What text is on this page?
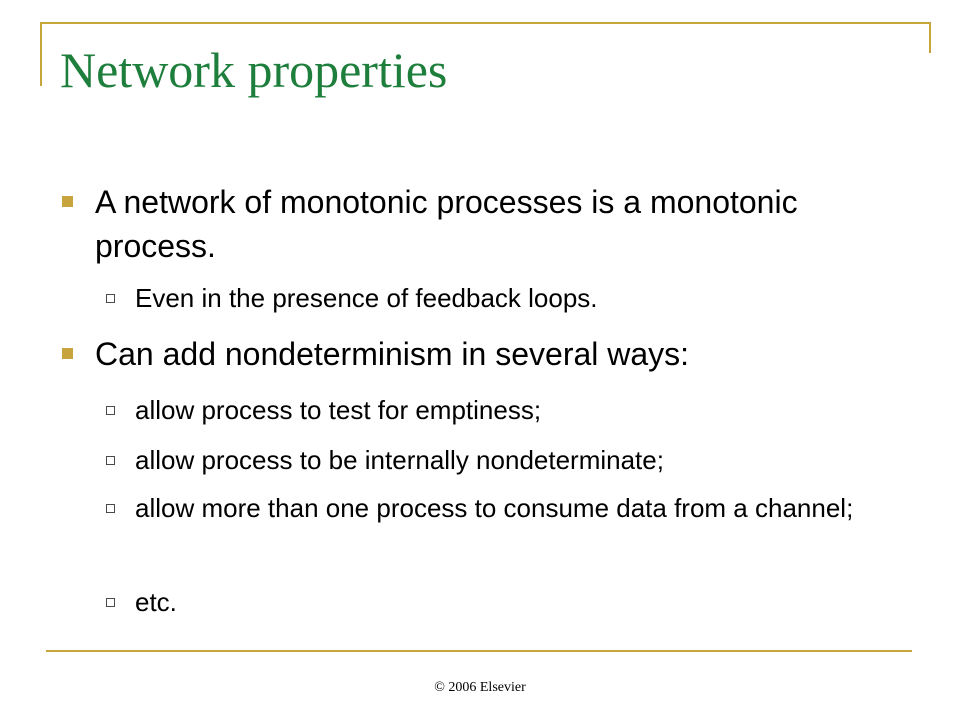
Network properties
A network of monotonic processes is a monotonic process.
Even in the presence of feedback loops.
Can add nondeterminism in several ways:
allow process to test for emptiness;
allow process to be internally nondeterminate;
allow more than one process to consume data from a channel;
etc.

© 2006 Elsevier
